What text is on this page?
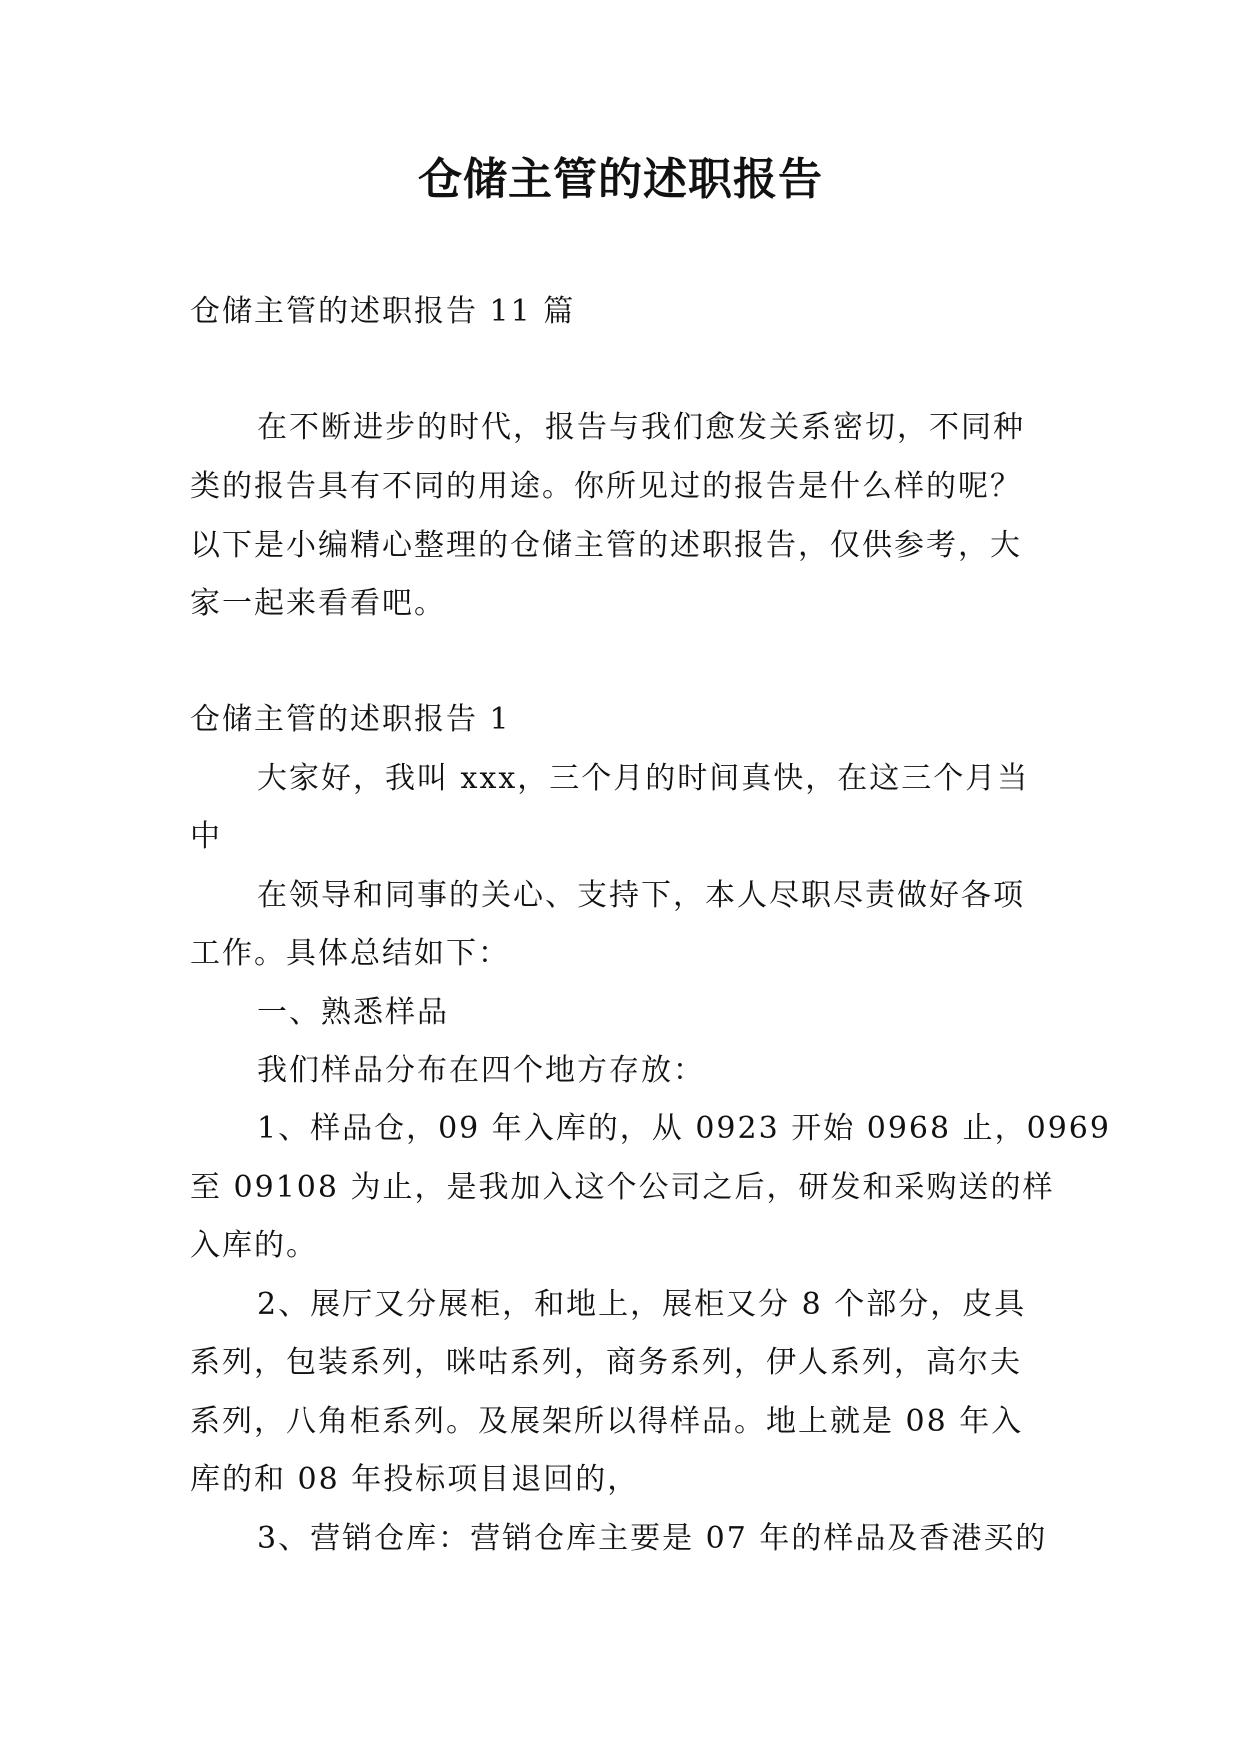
仓储主管的述职报告

仓储主管的述职报告 11 篇

在不断进步的时代，报告与我们愈发关系密切，不同种

类的报告具有不同的用途。你所见过的报告是什么样的呢？

以下是小编精心整理的仓储主管的述职报告，仅供参考，大

家一起来看看吧。

仓储主管的述职报告 1

大家好，我叫 xxx，三个月的时间真快，在这三个月当

中

在领导和同事的关心、支持下，本人尽职尽责做好各项

工作。具体总结如下：

一、熟悉样品

我们样品分布在四个地方存放：

1、样品仓，09 年入库的，从 0923 开始 0968 止，0969

至 09108 为止，是我加入这个公司之后，研发和采购送的样

入库的。

2、展厅又分展柜，和地上，展柜又分 8 个部分，皮具

系列，包装系列，咪咕系列，商务系列，伊人系列，高尔夫

系列，八角柜系列。及展架所以得样品。地上就是 08 年入

库的和 08 年投标项目退回的，

3、营销仓库：营销仓库主要是 07 年的样品及香港买的
